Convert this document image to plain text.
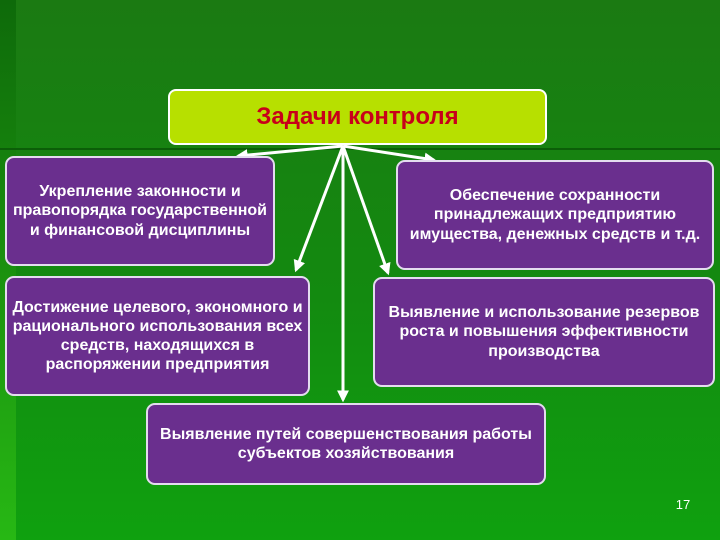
Задачи контроля
Укрепление законности и правопорядка государственной и финансовой дисциплины
Достижение целевого, экономного и рационального использования всех средств, находящихся в распоряжении предприятия
Обеспечение сохранности принадлежащих предприятию имущества, денежных средств и т.д.
Выявление и использование резервов роста и повышения эффективности производства
Выявление путей совершенствования работы субъектов хозяйствования
17
